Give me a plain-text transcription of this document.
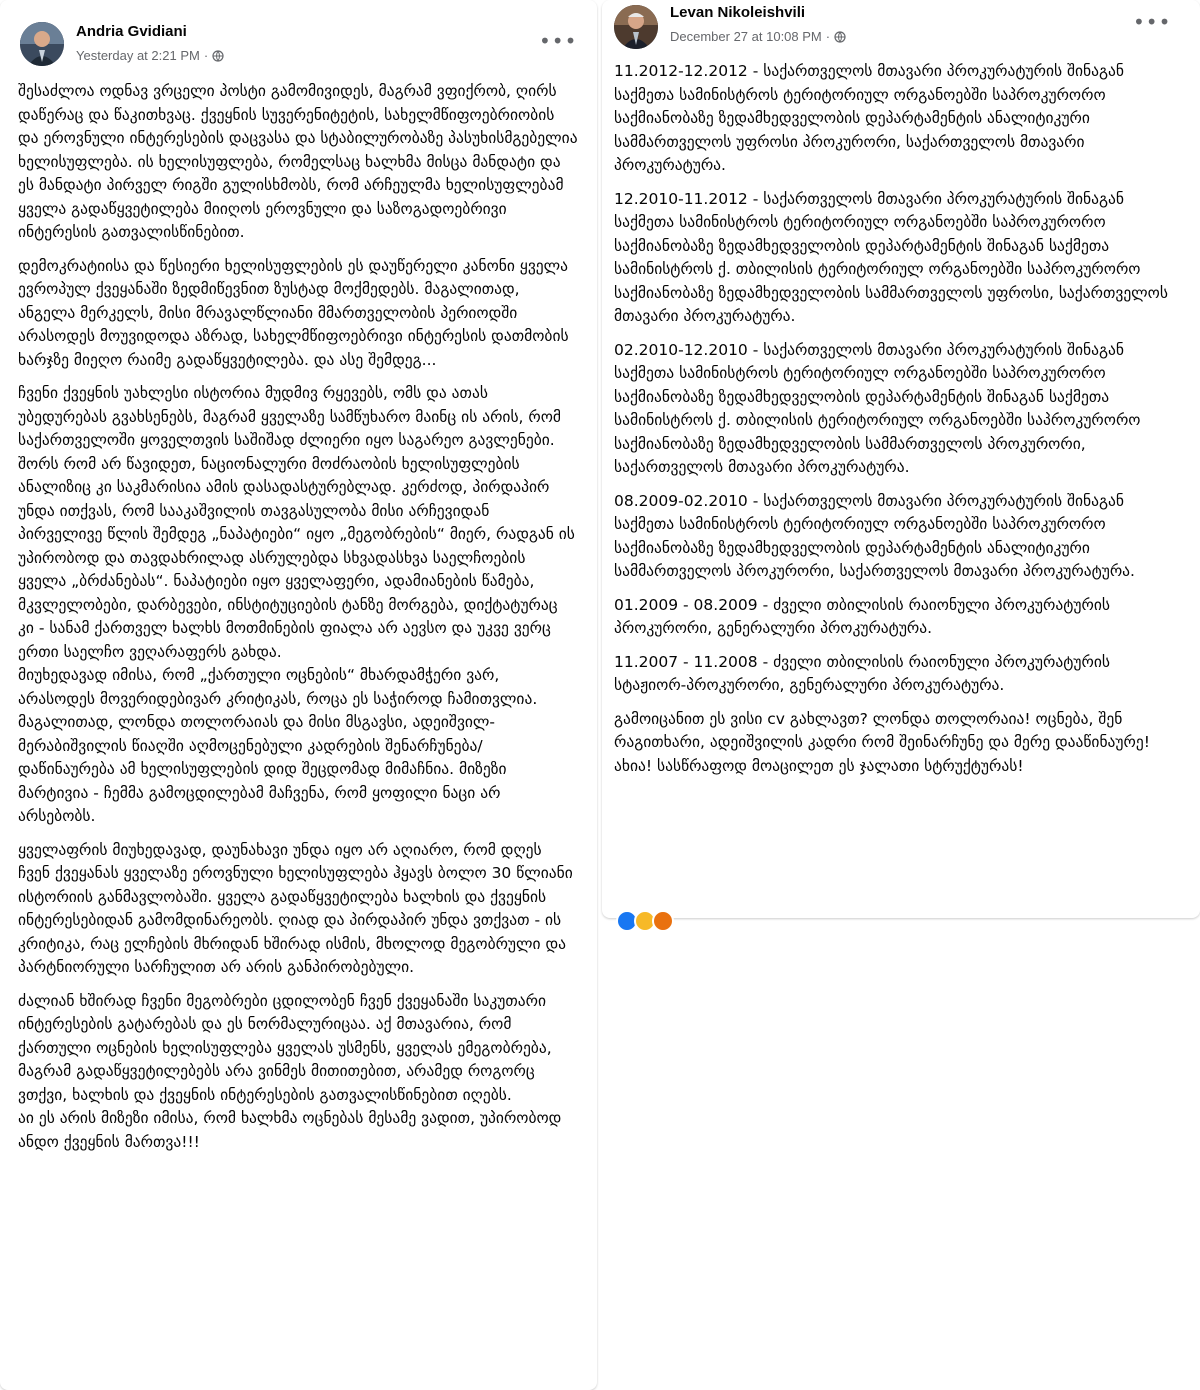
Andria Gvidiani
Yesterday at 2:21 PM ·
•••

შესაძლოა ოდნავ ვრცელი პოსტი გამომივიდეს, მაგრამ ვფიქრობ, ღირს დაწერაც და წაკითხვაც. ქვეყნის სუვერენიტეტის, სახელმწიფოებრიობის და ეროვნული ინტერესების დაცვასა და სტაბილურობაზე პასუხისმგებელია ხელისუფლება. ის ხელისუფლება, რომელსაც ხალხმა მისცა მანდატი და ეს მანდატი პირველ რიგში გულისხმობს, რომ არჩეულმა ხელისუფლებამ ყველა გადაწყვეტილება მიიღოს ეროვნული და საზოგადოებრივი ინტერესის გათვალისწინებით.

დემოკრატიისა და წესიერი ხელისუფლების ეს დაუწერელი კანონი ყველა ევროპულ ქვეყანაში ზედმიწევნით ზუსტად მოქმედებს. მაგალითად, ანგელა მერკელს, მისი მრავალწლიანი მმართველობის პერიოდში არასოდეს მოუვიდოდა აზრად, სახელმწიფოებრივი ინტერესის დათმობის ხარჯზე მიეღო რაიმე გადაწყვეტილება. და ასე შემდეგ...

ჩვენი ქვეყნის უახლესი ისტორია მუდმივ რყევებს, ომს და ათას უბედურებას გვახსენებს, მაგრამ ყველაზე სამწუხარო მაინც ის არის, რომ საქართველოში ყოველთვის საშიშად ძლიერი იყო საგარეო გავლენები. შორს რომ არ წავიდეთ, ნაციონალური მოძრაობის ხელისუფლების ანალიზიც კი საკმარისია ამის დასადასტურებლად. კერძოდ, პირდაპირ უნდა ითქვას, რომ სააკაშვილის თავგასულობა მისი არჩევიდან პირველივე წლის შემდეგ „ნაპატიები“ იყო „მეგობრების“ მიერ, რადგან ის უპირობოდ და თავდახრილად ასრულებდა სხვადასხვა საელჩოების ყველა „ბრძანებას“. ნაპატიები იყო ყველაფერი, ადამიანების წამება, მკვლელობები, დარბევები, ინსტიტუციების ტანზე მორგება, დიქტატურაც კი - სანამ ქართველ ხალხს მოთმინების ფიალა არ აევსო და უკვე ვერც ერთი საელჩო ვეღარაფერს გახდა.
მიუხედავად იმისა, რომ „ქართული ოცნების“ მხარდამჭერი ვარ, არასოდეს მოვერიდებივარ კრიტიკას, როცა ეს საჭიროდ ჩამითვლია. მაგალითად, ლონდა თოლორაიას და მისი მსგავსი, ადეიშვილ-მერაბიშვილის წიაღში აღმოცენებული კადრების შენარჩუნება/დაწინაურება ამ ხელისუფლების დიდ შეცდომად მიმაჩნია. მიზეზი მარტივია - ჩემმა გამოცდილებამ მაჩვენა, რომ ყოფილი ნაცი არ არსებობს.

ყველაფრის მიუხედავად, დაუნახავი უნდა იყო არ აღიარო, რომ დღეს ჩვენ ქვეყანას ყველაზე ეროვნული ხელისუფლება ჰყავს ბოლო 30 წლიანი ისტორიის განმავლობაში. ყველა გადაწყვეტილება ხალხის და ქვეყნის ინტერესებიდან გამომდინარეობს. ღიად და პირდაპირ უნდა ვთქვათ - ის კრიტიკა, რაც ელჩების მხრიდან ხშირად ისმის, მხოლოდ მეგობრული და პარტნიორული სარჩულით არ არის განპირობებული.

ძალიან ხშირად ჩვენი მეგობრები ცდილობენ ჩვენ ქვეყანაში საკუთარი ინტერესების გატარებას და ეს ნორმალურიცაა. აქ მთავარია, რომ ქართული ოცნების ხელისუფლება ყველას უსმენს, ყველას ემეგობრება, მაგრამ გადაწყვეტილებებს არა ვინმეს მითითებით, არამედ როგორც ვთქვი, ხალხის და ქვეყნის ინტერესების გათვალისწინებით იღებს.
აი ეს არის მიზეზი იმისა, რომ ხალხმა ოცნებას მესამე ვადით, უპირობოდ ანდო ქვეყნის მართვა!!!

Levan Nikoleishvili
December 27 at 10:08 PM ·
•••

11.2012-12.2012 - საქართველოს მთავარი პროკურატურის შინაგან საქმეთა სამინისტროს ტერიტორიულ ორგანოებში საპროკურორო საქმიანობაზე ზედამხედველობის დეპარტამენტის ანალიტიკური სამმართველოს უფროსი პროკურორი, საქართველოს მთავარი პროკურატურა.

12.2010-11.2012 - საქართველოს მთავარი პროკურატურის შინაგან საქმეთა სამინისტროს ტერიტორიულ ორგანოებში საპროკურორო საქმიანობაზე ზედამხედველობის დეპარტამენტის შინაგან საქმეთა სამინისტროს ქ. თბილისის ტერიტორიულ ორგანოებში საპროკურორო საქმიანობაზე ზედამხედველობის სამმართველოს უფროსი, საქართველოს მთავარი პროკურატურა.

02.2010-12.2010 - საქართველოს მთავარი პროკურატურის შინაგან საქმეთა სამინისტროს ტერიტორიულ ორგანოებში საპროკურორო საქმიანობაზე ზედამხედველობის დეპარტამენტის შინაგან საქმეთა სამინისტროს ქ. თბილისის ტერიტორიულ ორგანოებში საპროკურორო საქმიანობაზე ზედამხედველობის სამმართველოს პროკურორი, საქართველოს მთავარი პროკურატურა.

08.2009-02.2010 - საქართველოს მთავარი პროკურატურის შინაგან საქმეთა სამინისტროს ტერიტორიულ ორგანოებში საპროკურორო საქმიანობაზე ზედამხედველობის დეპარტამენტის ანალიტიკური სამმართველოს პროკურორი, საქართველოს მთავარი პროკურატურა.

01.2009 - 08.2009 - ძველი თბილისის რაიონული პროკურატურის პროკურორი, გენერალური პროკურატურა.

11.2007 - 11.2008 - ძველი თბილისის რაიონული პროკურატურის სტაჟიორ-პროკურორი, გენერალური პროკურატურა.

გამოიცანით ეს ვისი cv გახლავთ? ლონდა თოლორაია! ოცნება, შენ რაგითხარი, ადეიშვილის კადრი რომ შეინარჩუნე და მერე დააწინაურე! ახია! სასწრაფოდ მოაცილეთ ეს ჯალათი სტრუქტურას!
